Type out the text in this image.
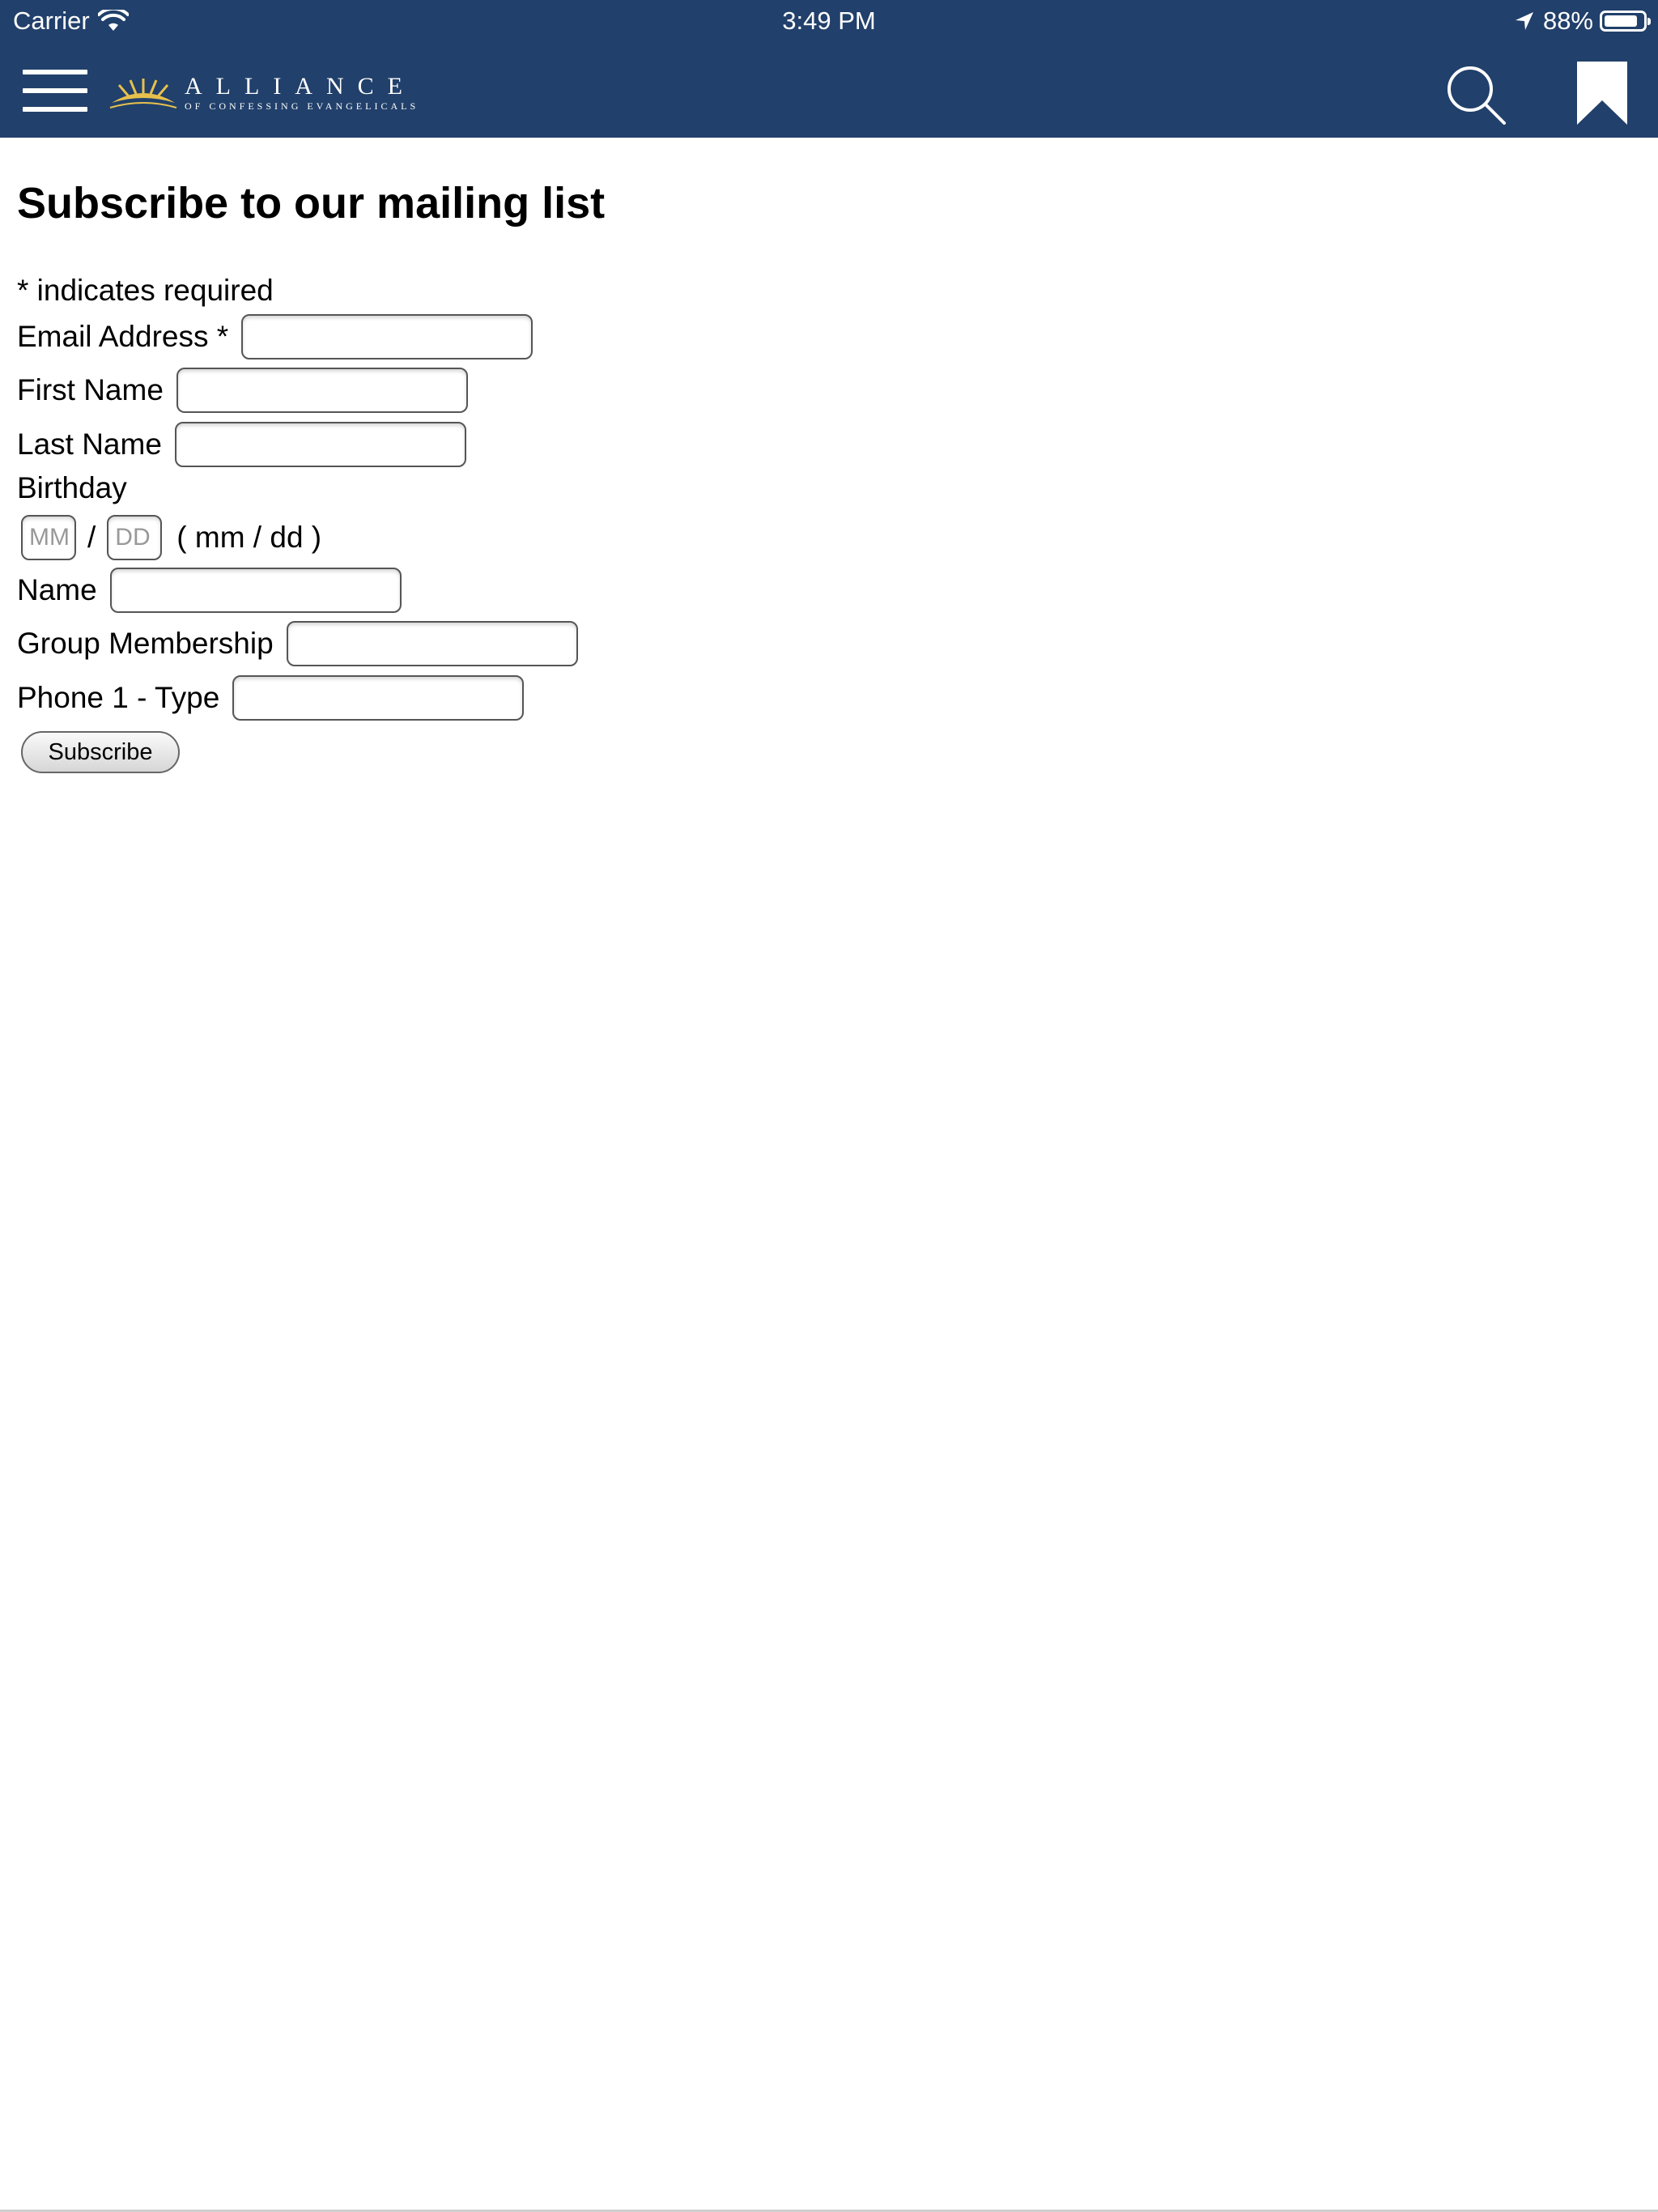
Carrier	3:49 PM	88%
ALLIANCE
OF CONFESSING EVANGELICALS
Subscribe to our mailing list
* indicates required
Email Address *
First Name
Last Name
Birthday
MM
/
DD	( mm / dd )
Name
Group Membership
Phone 1 - Type
Subscribe
